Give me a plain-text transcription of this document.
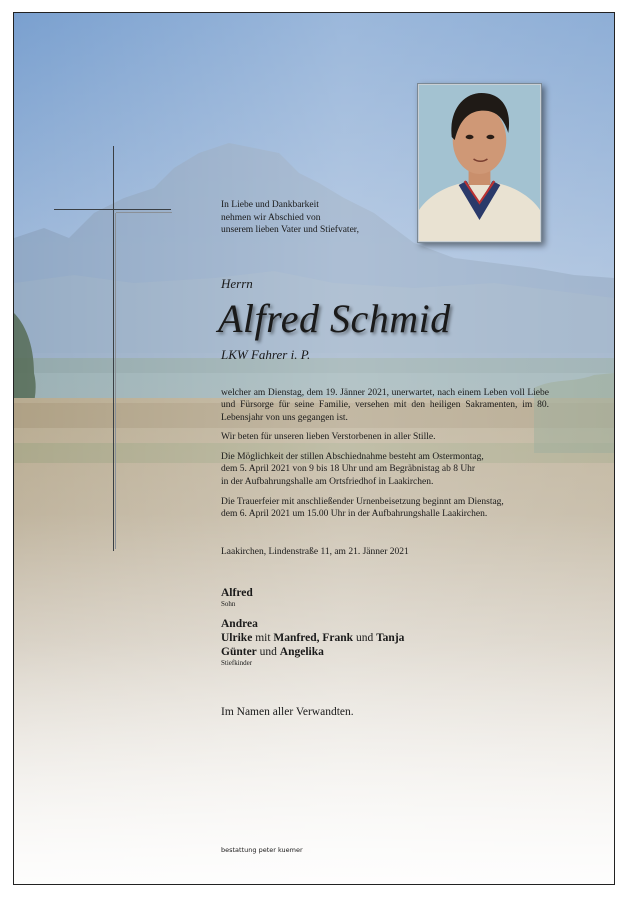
In Liebe und Dankbarkeit
nehmen wir Abschied von
unserem lieben Vater und Stiefvater,
Herrn
Alfred Schmid
LKW Fahrer i. P.

welcher am Dienstag, dem 19. Jänner 2021, unerwartet, nach einem Leben voll Liebe und Fürsorge für seine Familie, versehen mit den heiligen Sakramenten, im 80. Lebensjahr von uns gegangen ist.

Wir beten für unseren lieben Verstorbenen in aller Stille.

Die Möglichkeit der stillen Abschiednahme besteht am Ostermontag,
dem 5. April 2021 von 9 bis 18 Uhr und am Begräbnistag ab 8 Uhr
in der Aufbahrungshalle am Ortsfriedhof in Laakirchen.

Die Trauerfeier mit anschließender Urnenbeisetzung beginnt am Dienstag,
dem 6. April 2021 um 15.00 Uhr in der Aufbahrungshalle Laakirchen.

Laakirchen, Lindenstraße 11, am 21. Jänner 2021
Alfred
Sohn
Andrea
Ulrike mit Manfred, Frank und Tanja
Günter und Angelika
Stiefkinder
Im Namen aller Verwandten.
bestattung peter kuemer
